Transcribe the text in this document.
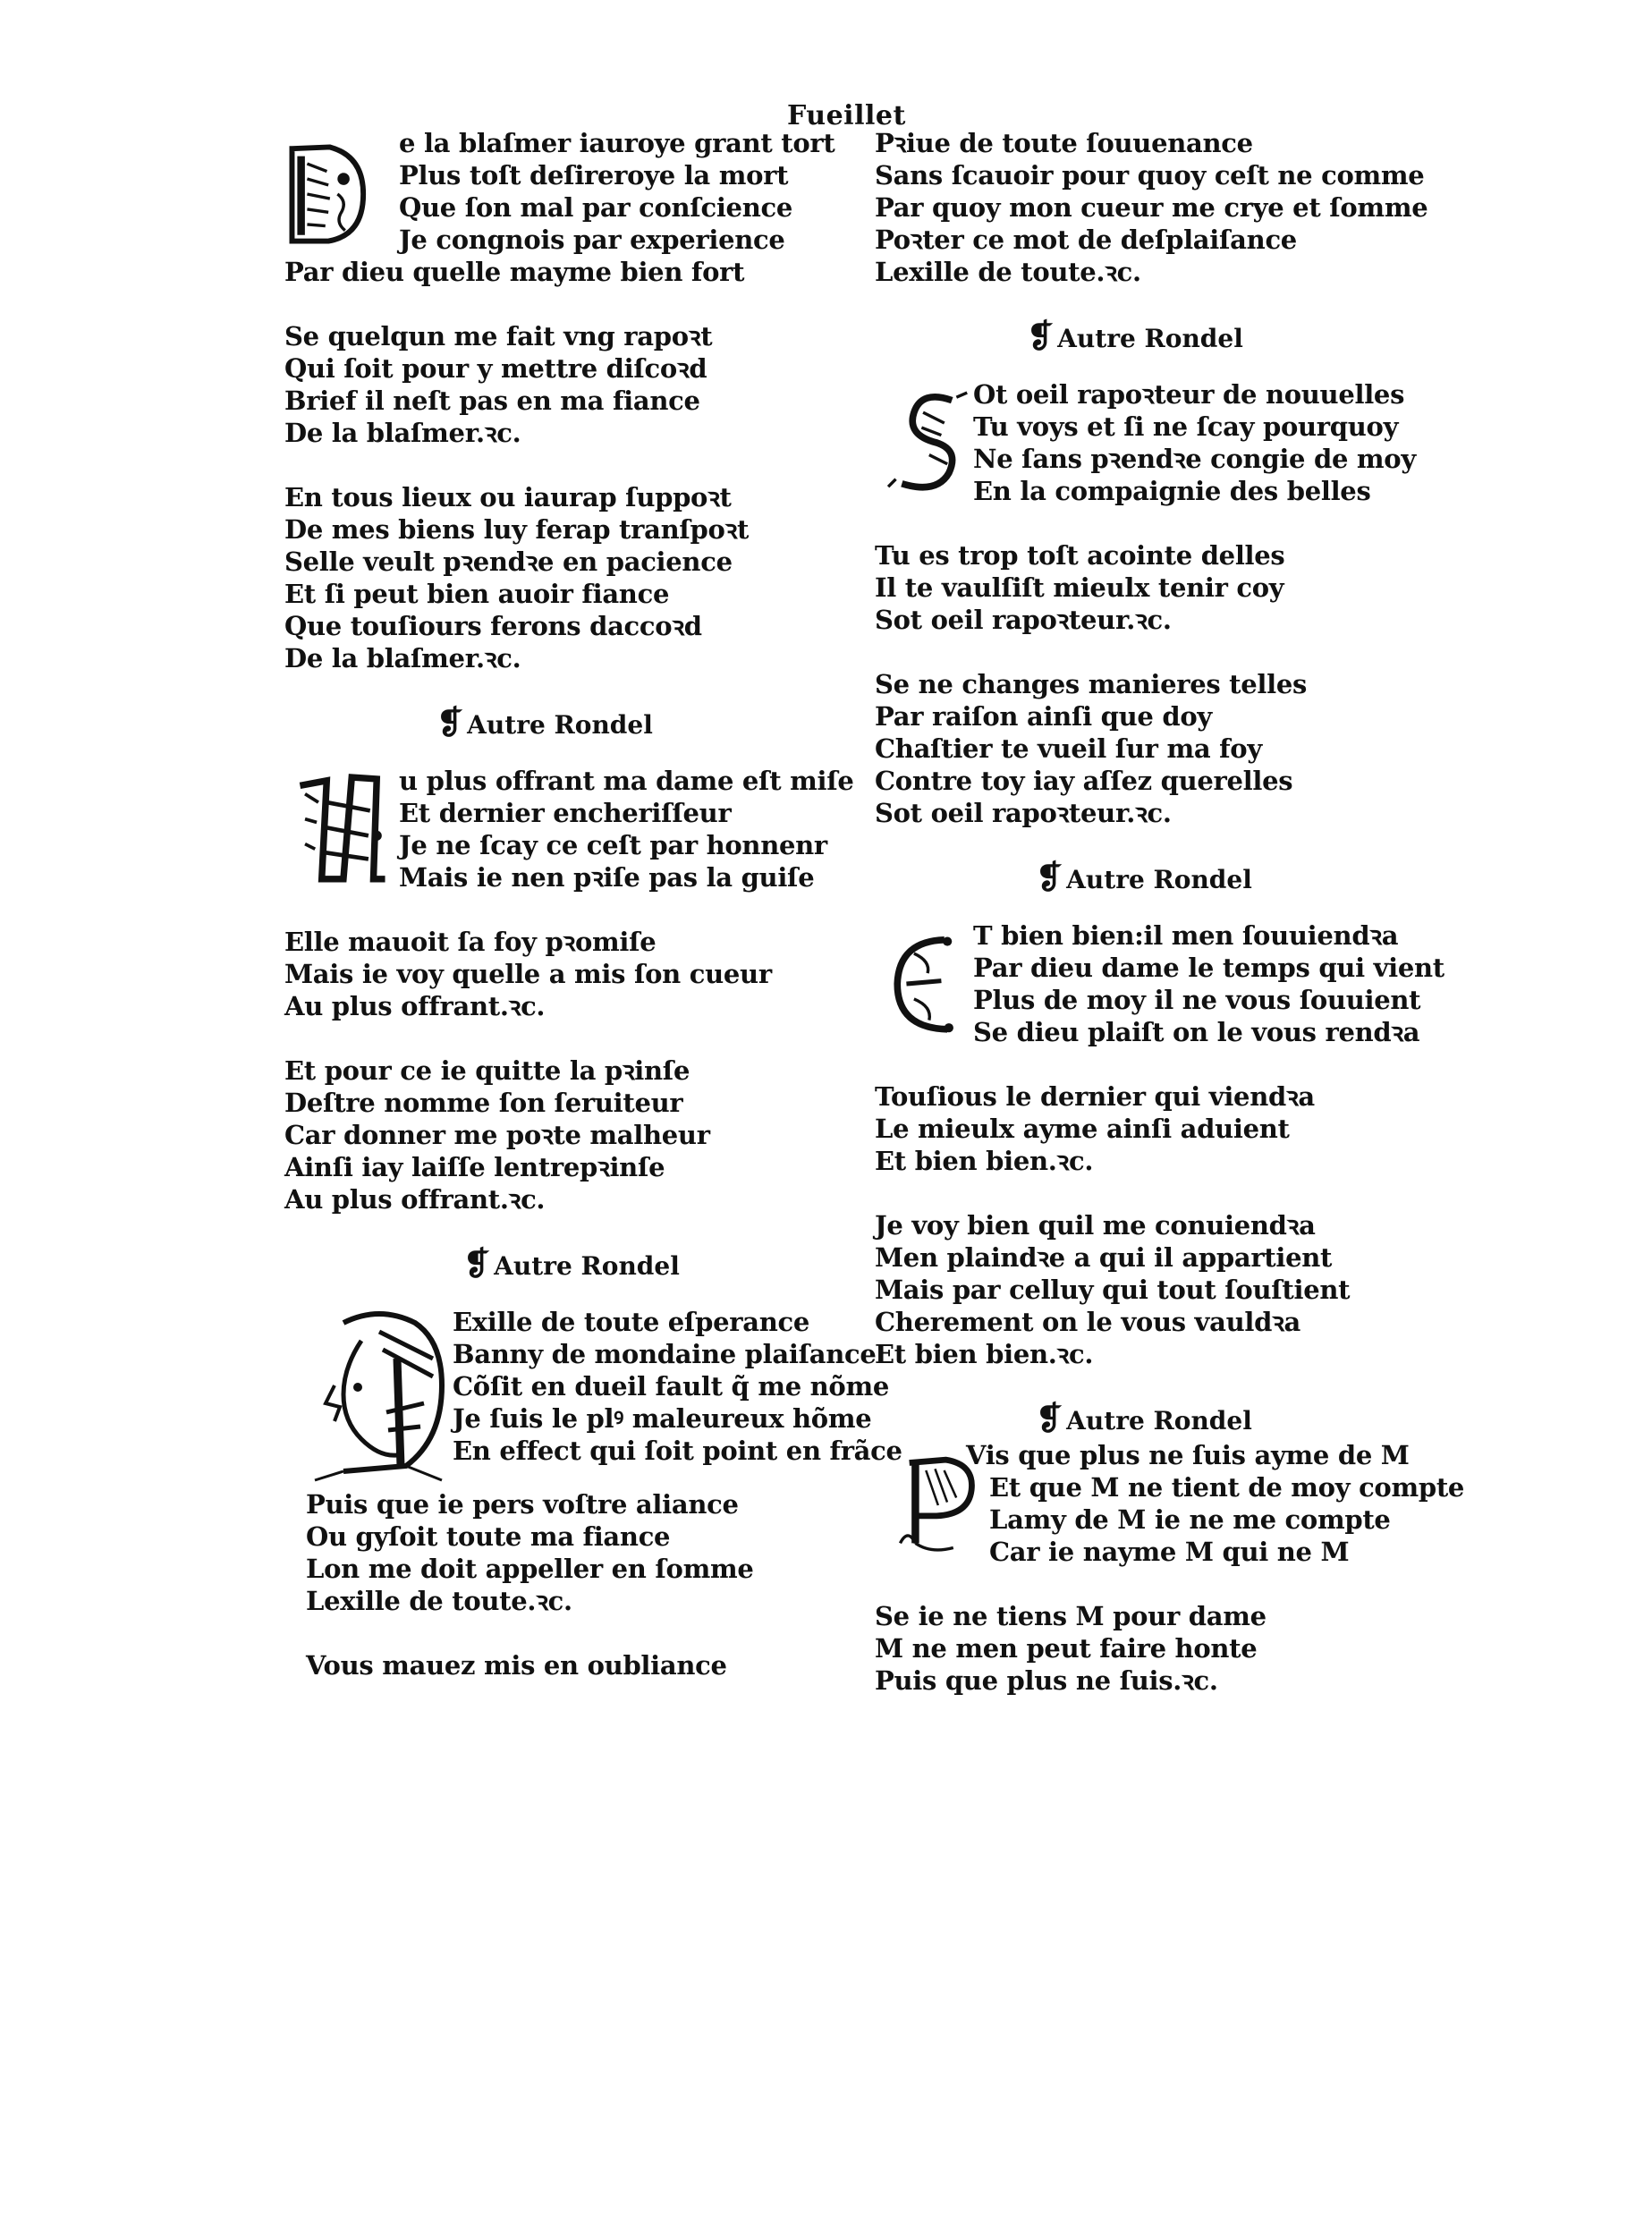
Fueillet
e la blaſmer iauroye grant tort
Plus toſt deſireroye la mort
Que ſon mal par conſcience
Je congnois par experience
Par dieu quelle mayme bien fort
Se quelqun me fait vng rapoꝛt
Qui ſoit pour y mettre diſcoꝛd
Brief il neſt pas en ma fiance
De la blaſmer.ꝛc.
En tous lieux ou iaurap ſuppoꝛt
De mes biens luy ferap tranſpoꝛt
Selle veult pꝛendꝛe en pacience
Et ſi peut bien auoir fiance
Que touſiours ferons daccoꝛd
De la blaſmer.ꝛc.
❡ Autre Rondel
u plus offrant ma dame eſt miſe
Et dernier encheriſſeur
Je ne ſcay ce ceſt par honnenr
Mais ie nen pꝛiſe pas la guiſe
Elle mauoit ſa foy pꝛomiſe
Mais ie voy quelle a mis ſon cueur
Au plus offrant.ꝛc.
Et pour ce ie quitte la pꝛinſe
Deſtre nomme ſon ſeruiteur
Car donner me poꝛte malheur
Ainſi iay laiſſe lentrepꝛinſe
Au plus offrant.ꝛc.
❡ Autre Rondel
Exille de toute eſperance
Banny de mondaine plaiſance
Cõſit en dueil fault q̃ me nõme
Je ſuis le plꝰ maleureux hõme
En effect qui ſoit point en frãce
Puis que ie pers voſtre aliance
Ou gyſoit toute ma fiance
Lon me doit appeller en ſomme
Lexille de toute.ꝛc.
Vous mauez mis en oubliance
Pꝛiue de toute ſouuenance
Sans ſcauoir pour quoy ceſt ne comme
Par quoy mon cueur me crye et ſomme
Poꝛter ce mot de deſplaiſance
Lexille de toute.ꝛc.
❡ Autre Rondel
Ot oeil rapoꝛteur de nouuelles
Tu voys et ſi ne ſcay pourquoy
Ne ſans pꝛendꝛe congie de moy
En la compaignie des belles
Tu es trop toſt acointe delles
Il te vaulſiſt mieulx tenir coy
Sot oeil rapoꝛteur.ꝛc.
Se ne changes manieres telles
Par raiſon ainſi que doy
Chaſtier te vueil ſur ma foy
Contre toy iay aſſez querelles
Sot oeil rapoꝛteur.ꝛc.
❡ Autre Rondel
T bien bien:il men ſouuiendꝛa
Par dieu dame le temps qui vient
Plus de moy il ne vous ſouuient
Se dieu plaiſt on le vous rendꝛa
Touſious le dernier qui viendꝛa
Le mieulx ayme ainſi aduient
Et bien bien.ꝛc.
Je voy bien quil me conuiendꝛa
Men plaindꝛe a qui il appartient
Mais par celluy qui tout ſouſtient
Cherement on le vous vauldꝛa
Et bien bien.ꝛc.
❡ Autre Rondel
Vis que plus ne ſuis ayme de M
Et que M ne tient de moy compte
Lamy de M ie ne me compte
Car ie nayme M qui ne M
Se ie ne tiens M pour dame
M ne men peut faire honte
Puis que plus ne ſuis.ꝛc.
